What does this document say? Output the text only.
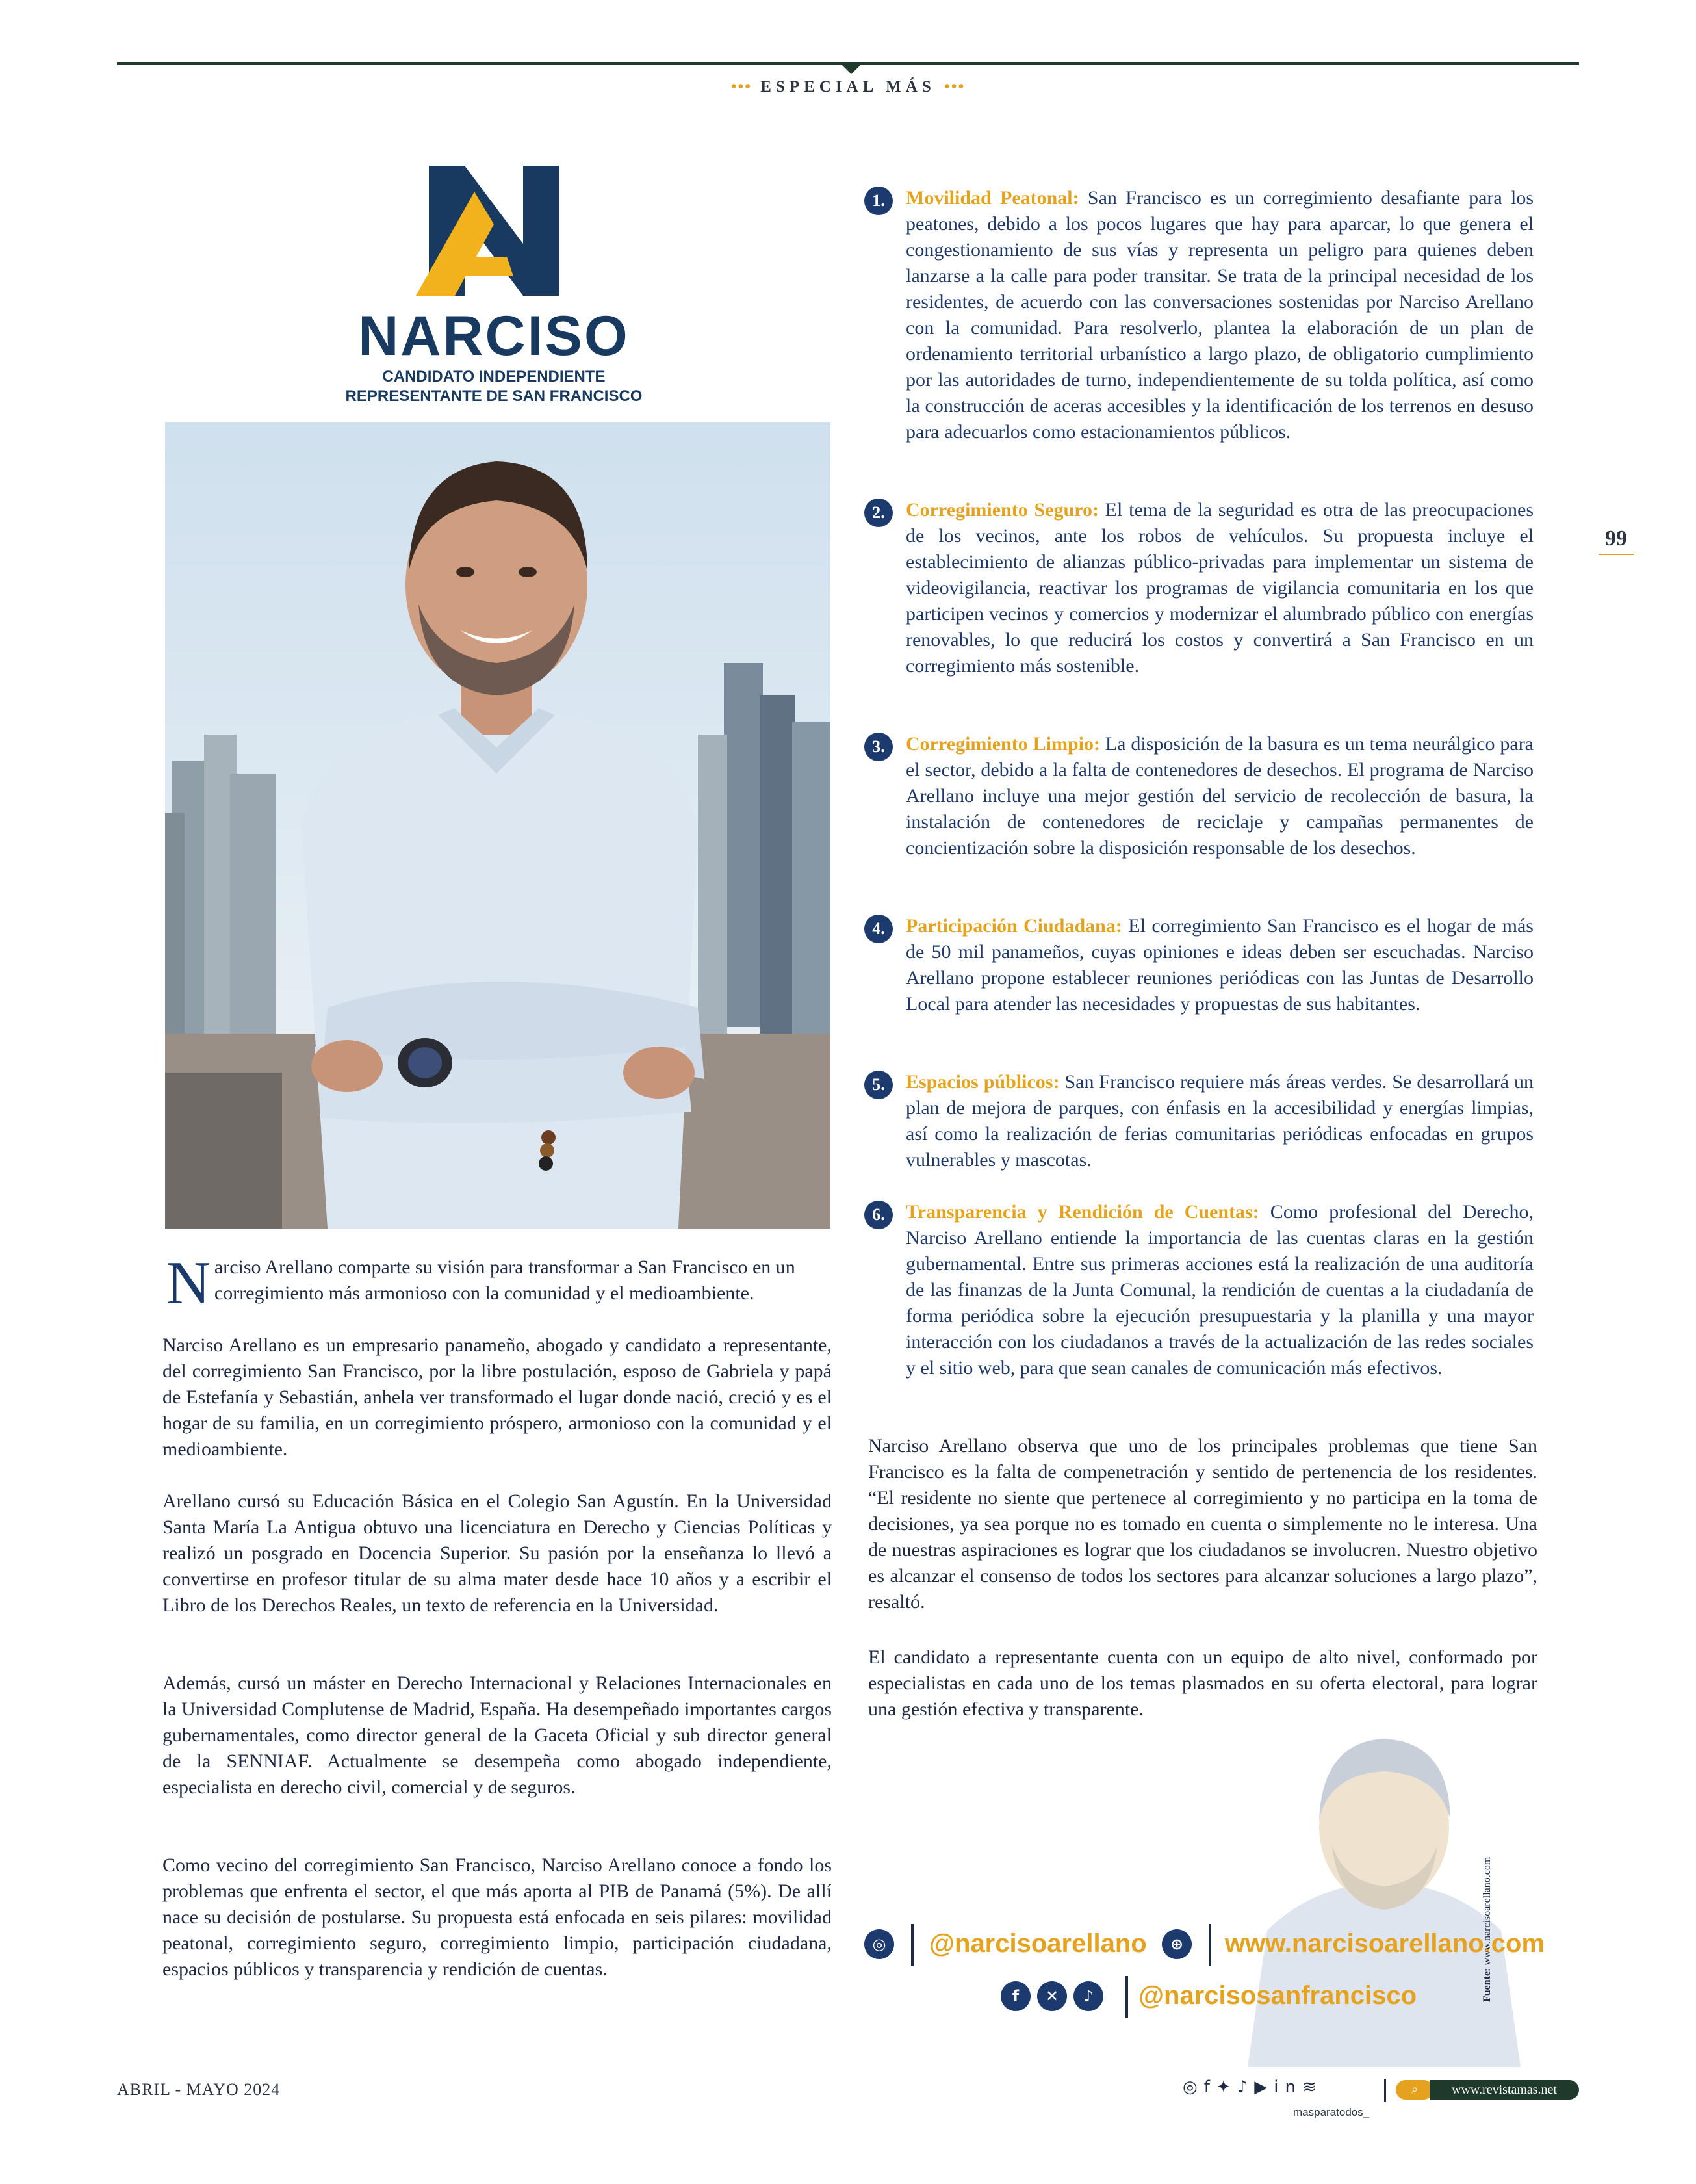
••• ESPECIAL MÁS •••
NARCISO
CANDIDATO INDEPENDIENTE
REPRESENTANTE DE SAN FRANCISCO
Narciso Arellano comparte su visión para transformar a San Francisco en un corregimiento más armonioso con la comunidad y el medioambiente.

Narciso Arellano es un empresario panameño, abogado y candidato a representante, del corregimiento San Francisco, por la libre postulación, esposo de Gabriela y papá de Estefanía y Sebastián, anhela ver transformado el lugar donde nació, creció y es el hogar de su familia, en un corregimiento próspero, armonioso con la comunidad y el medioambiente.

Arellano cursó su Educación Básica en el Colegio San Agustín. En la Universidad Santa María La Antigua obtuvo una licenciatura en Derecho y Ciencias Políticas y realizó un posgrado en Docencia Superior. Su pasión por la enseñanza lo llevó a convertirse en profesor titular de su alma mater desde hace 10 años y a escribir el Libro de los Derechos Reales, un texto de referencia en la Universidad.

Además, cursó un máster en Derecho Internacional y Relaciones Internacionales en la Universidad Complutense de Madrid, España. Ha desempeñado importantes cargos gubernamentales, como director general de la Gaceta Oficial y sub director general de la SENNIAF. Actualmente se desempeña como abogado independiente, especialista en derecho civil, comercial y de seguros.

Como vecino del corregimiento San Francisco, Narciso Arellano conoce a fondo los problemas que enfrenta el sector, el que más aporta al PIB de Panamá (5%). De allí nace su decisión de postularse. Su propuesta está enfocada en seis pilares: movilidad peatonal, corregimiento seguro, corregimiento limpio, participación ciudadana, espacios públicos y transparencia y rendición de cuentas.

99
1.	Movilidad Peatonal: San Francisco es un corregimiento desafiante para los peatones, debido a los pocos lugares que hay para aparcar, lo que genera el congestionamiento de sus vías y representa un peligro para quienes deben lanzarse a la calle para poder transitar. Se trata de la principal necesidad de los residentes, de acuerdo con las conversaciones sostenidas por Narciso Arellano con la comunidad. Para resolverlo, plantea la elaboración de un plan de ordenamiento territorial urbanístico a largo plazo, de obligatorio cumplimiento por las autoridades de turno, independientemente de su tolda política, así como la construcción de aceras accesibles y la identificación de los terrenos en desuso para adecuarlos como estacionamientos públicos.
2.	Corregimiento Seguro: El tema de la seguridad es otra de las preocupaciones de los vecinos, ante los robos de vehículos. Su propuesta incluye el establecimiento de alianzas público-privadas para implementar un sistema de videovigilancia, reactivar los programas de vigilancia comunitaria en los que participen vecinos y comercios y modernizar el alumbrado público con energías renovables, lo que reducirá los costos y convertirá a San Francisco en un corregimiento más sostenible.
3.	Corregimiento Limpio: La disposición de la basura es un tema neurálgico para el sector, debido a la falta de contenedores de desechos. El programa de Narciso Arellano incluye una mejor gestión del servicio de recolección de basura, la instalación de contenedores de reciclaje y campañas permanentes de concientización sobre la disposición responsable de los desechos.
4.	Participación Ciudadana: El corregimiento San Francisco es el hogar de más de 50 mil panameños, cuyas opiniones e ideas deben ser escuchadas. Narciso Arellano propone establecer reuniones periódicas con las Juntas de Desarrollo Local para atender las necesidades y propuestas de sus habitantes.
5.	Espacios públicos: San Francisco requiere más áreas verdes. Se desarrollará un plan de mejora de parques, con énfasis en la accesibilidad y energías limpias, así como la realización de ferias comunitarias periódicas enfocadas en grupos vulnerables y mascotas.
6.	Transparencia y Rendición de Cuentas: Como profesional del Derecho, Narciso Arellano entiende la importancia de las cuentas claras en la gestión gubernamental. Entre sus primeras acciones está la realización de una auditoría de las finanzas de la Junta Comunal, la rendición de cuentas a la ciudadanía de forma periódica sobre la ejecución presupuestaria y la planilla y una mayor interacción con los ciudadanos a través de la actualización de las redes sociales y el sitio web, para que sean canales de comunicación más efectivos.

Narciso Arellano observa que uno de los principales problemas que tiene San Francisco es la falta de compenetración y sentido de pertenencia de los residentes. “El residente no siente que pertenece al corregimiento y no participa en la toma de decisiones, ya sea porque no es tomado en cuenta o simplemente no le interesa. Una de nuestras aspiraciones es lograr que los ciudadanos se involucren. Nuestro objetivo es alcanzar el consenso de todos los sectores para alcanzar soluciones a largo plazo”, resaltó.

El candidato a representante cuenta con un equipo de alto nivel, conformado por especialistas en cada uno de los temas plasmados en su oferta electoral, para lograr una gestión efectiva y transparente.

◎	@narcisoarellano	⊕	www.narcisoarellano.com
f	✕	♪	@narcisosanfrancisco	Fuente: www.narcisoarellano.com
ABRIL - MAYO 2024	◎f✦♪▶in≋
masparatodos_
⌕	www.revistamas.net
